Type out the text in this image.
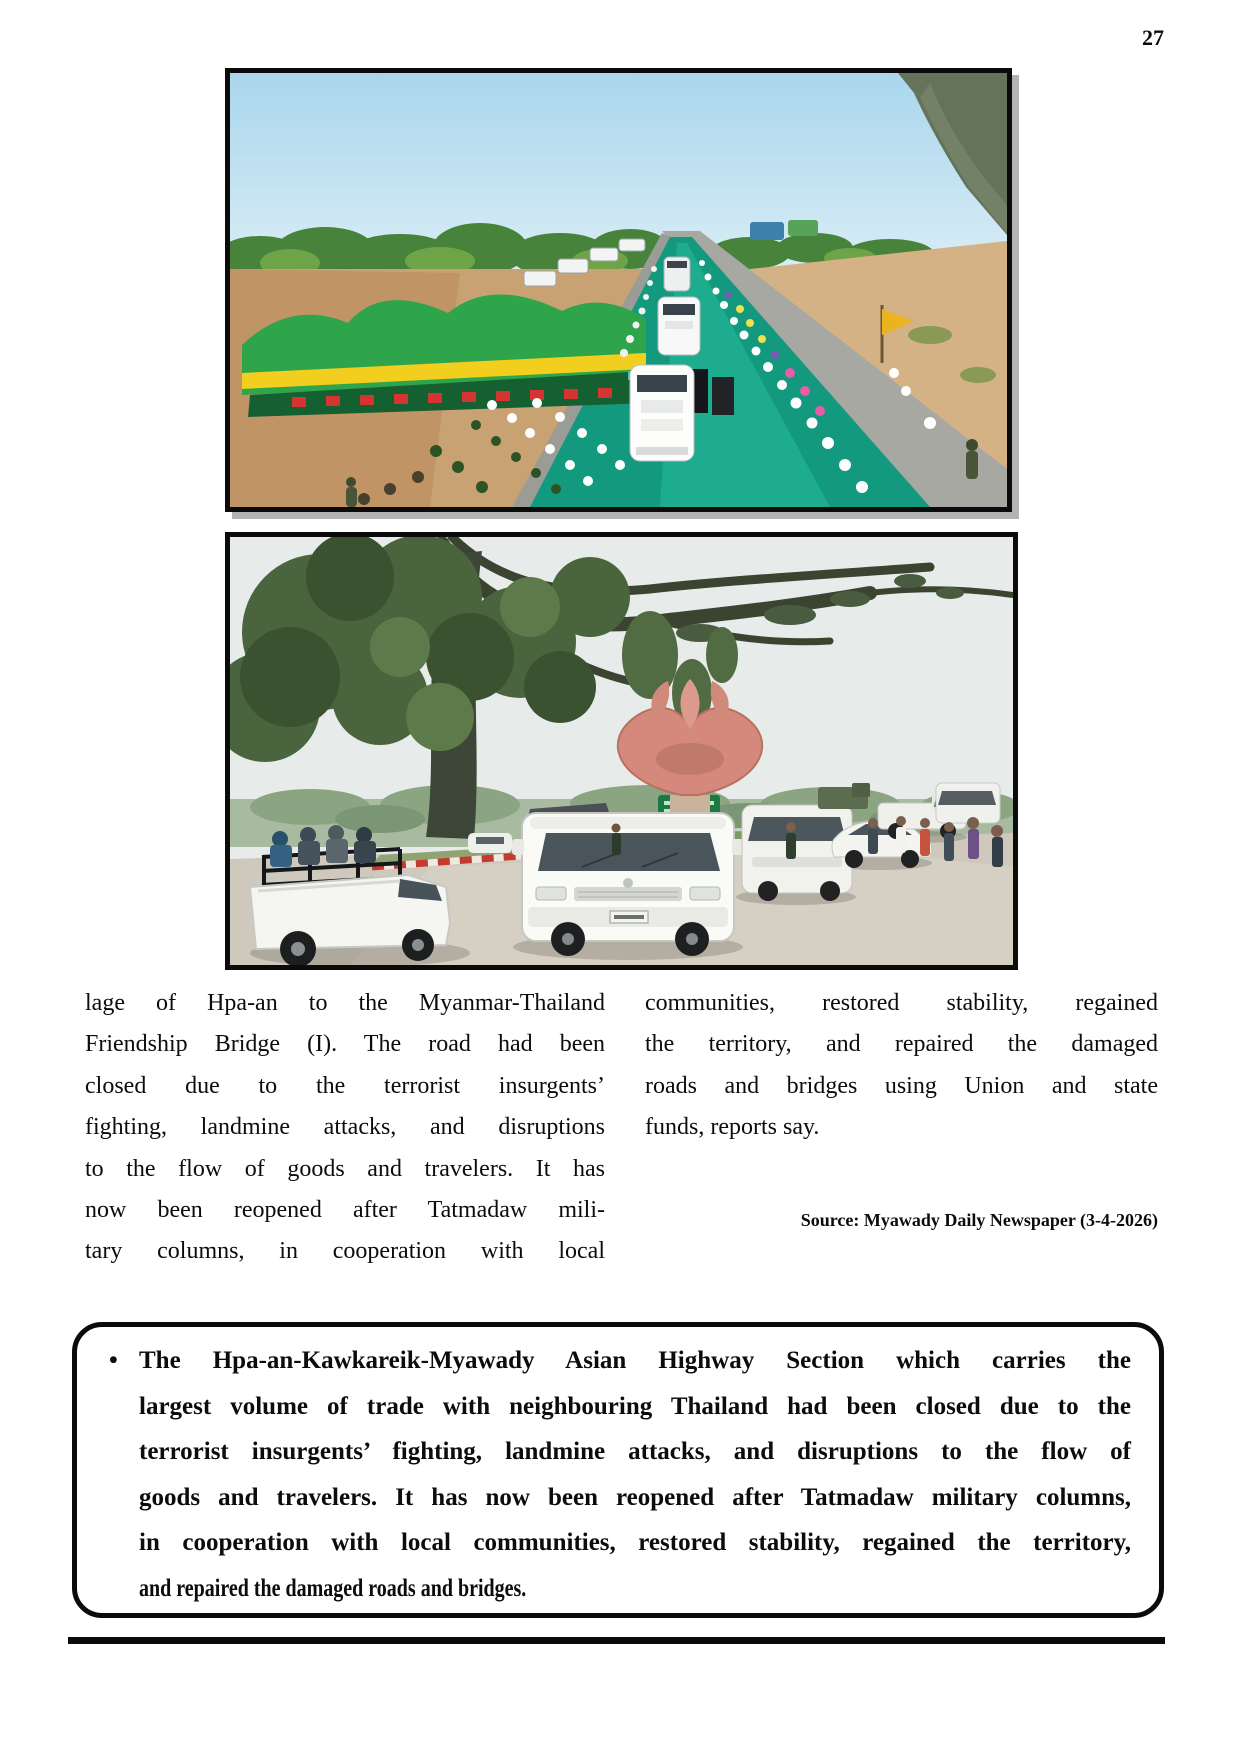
27
lage of Hpa-an to the Myanmar-Thailand
Friendship Bridge (I). The road had been
closed due to the terrorist insurgents’
fighting, landmine attacks, and disruptions
to the flow of goods and travelers. It has
now been reopened after Tatmadaw mili-
tary columns, in cooperation with local
communities, restored stability, regained
the territory, and repaired the damaged
roads and bridges using Union and state
funds, reports say.
Source: Myawady Daily Newspaper (3-4-2026)
• The Hpa-an-Kawkareik-Myawady Asian Highway Section which carries the
largest volume of trade with neighbouring Thailand had been closed due to the
terrorist insurgents’ fighting, landmine attacks, and disruptions to the flow of
goods and travelers. It has now been reopened after Tatmadaw military columns,
in cooperation with local communities, restored stability, regained the territory,
and repaired the damaged roads and bridges.
